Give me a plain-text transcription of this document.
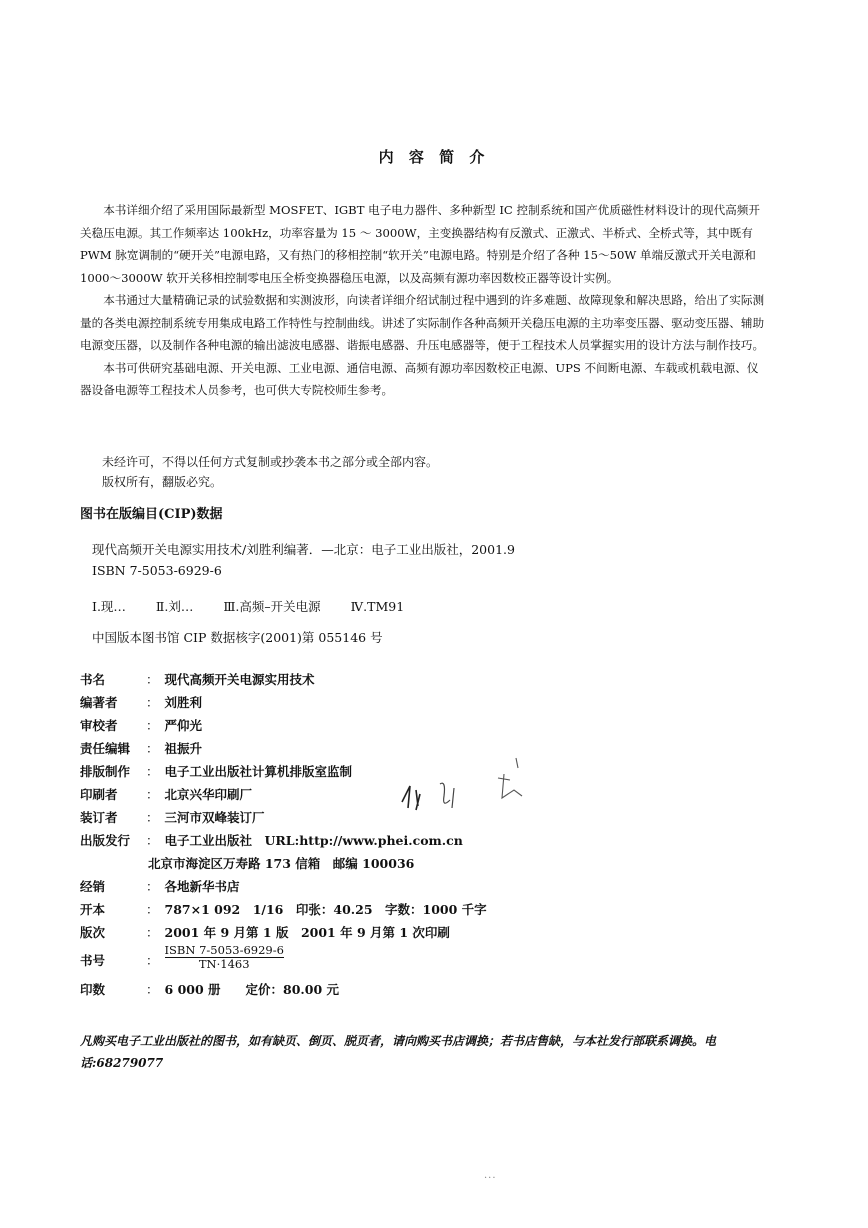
内 容 简 介

本书详细介绍了采用国际最新型 MOSFET、IGBT 电子电力器件、多种新型 IC 控制系统和国产优质磁性材料设计的现代高频开关稳压电源。其工作频率达 100kHz，功率容量为 15 ～ 3000W，主变换器结构有反激式、正激式、半桥式、全桥式等，其中既有 PWM 脉宽调制的“硬开关”电源电路，又有热门的移相控制“软开关”电源电路。特别是介绍了各种 15～50W 单端反激式开关电源和 1000～3000W 软开关移相控制零电压全桥变换器稳压电源，以及高频有源功率因数校正器等设计实例。

本书通过大量精确记录的试验数据和实测波形，向读者详细介绍试制过程中遇到的许多难题、故障现象和解决思路，给出了实际测量的各类电源控制系统专用集成电路工作特性与控制曲线。讲述了实际制作各种高频开关稳压电源的主功率变压器、驱动变压器、辅助电源变压器，以及制作各种电源的输出滤波电感器、谐振电感器、升压电感器等，便于工程技术人员掌握实用的设计方法与制作技巧。

本书可供研究基础电源、开关电源、工业电源、通信电源、高频有源功率因数校正电源、UPS 不间断电源、车载或机载电源、仪器设备电源等工程技术人员参考，也可供大专院校师生参考。

未经许可，不得以任何方式复制或抄袭本书之部分或全部内容。
版权所有，翻版必究。
图书在版编目(CIP)数据
现代高频开关电源实用技术/刘胜利编著．—北京：电子工业出版社，2001.9
ISBN 7-5053-6929-6
Ⅰ.现… Ⅱ.刘… Ⅲ.高频–开关电源 Ⅳ.TM91
中国版本图书馆 CIP 数据核字(2001)第 055146 号
书名	： 现代高频开关电源实用技术
编著者	： 刘胜利
审校者	： 严仰光
责任编辑	： 祖振升
排版制作	： 电子工业出版社计算机排版室监制
印刷者	： 北京兴华印刷厂
装订者	： 三河市双峰装订厂
出版发行	： 电子工业出版社　URL:http://www.phei.com.cn
北京市海淀区万寿路 173 信箱　邮编 100036
经销	： 各地新华书店
开本	： 787×1 092　1/16　印张：40.25　字数：1000 千字
版次	： 2001 年 9 月第 1 版　2001 年 9 月第 1 次印刷
书号	： $\frac{\text{ISBN 7-5053-6929-6}}{TN\cdot 1463}$
印数	： 6 000 册　　定价：80.00 元
凡购买电子工业出版社的图书，如有缺页、倒页、脱页者，请向购买书店调换；若书店售缺，与本社发行部联系调换。电话:68279077
···
